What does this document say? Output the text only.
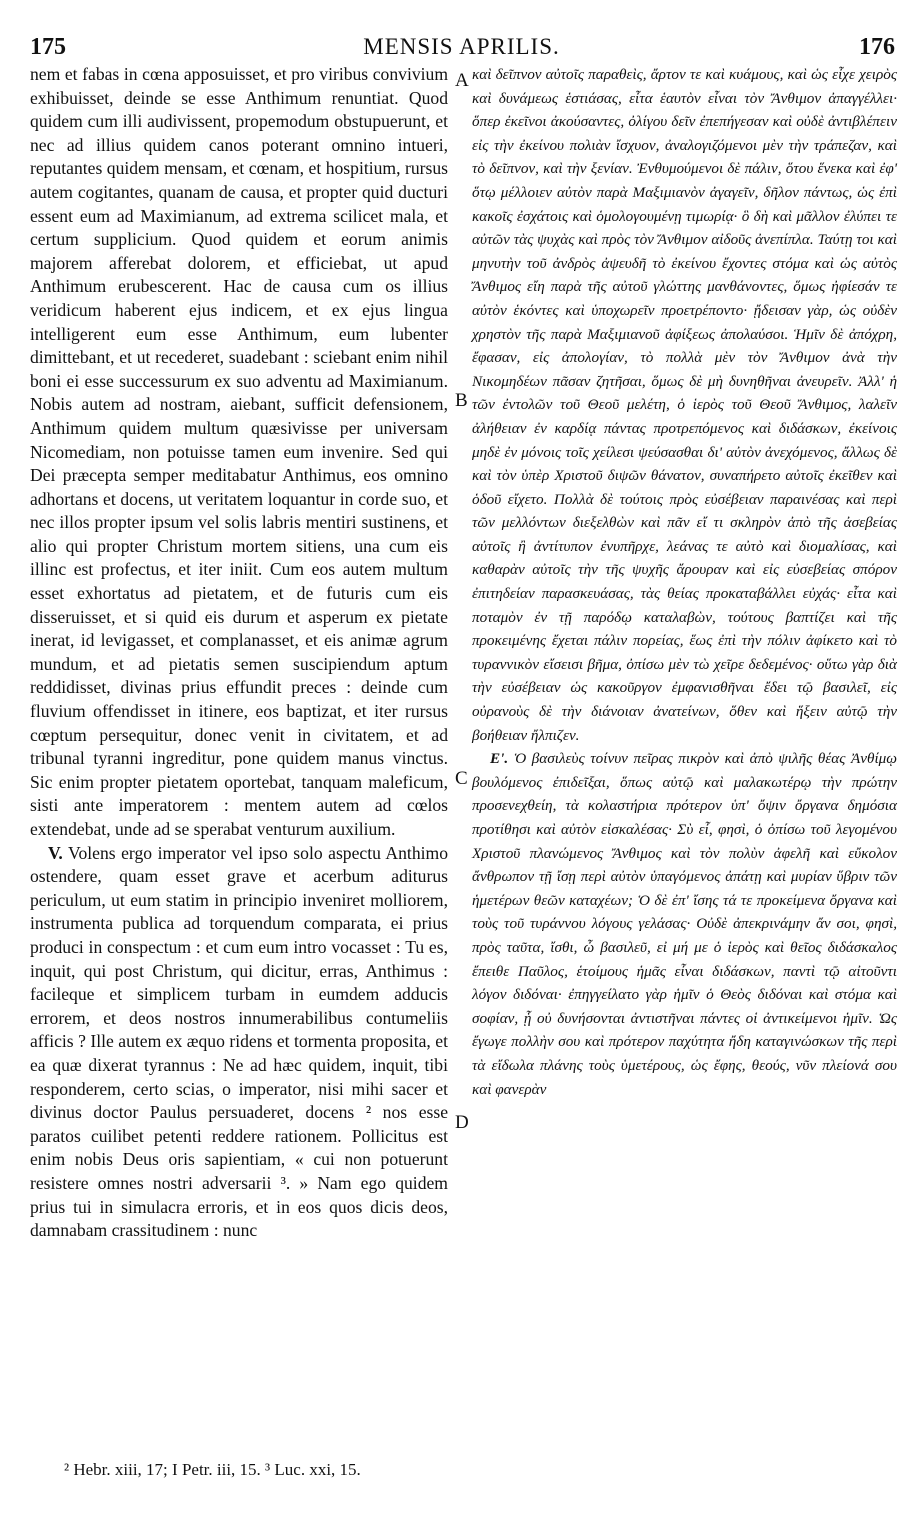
175	MENSIS APRILIS.	176

nem et fabas in cœna apposuisset, et pro viribus convivium exhibuisset, deinde se esse Anthimum renuntiat. Quod quidem cum illi audivissent, propemodum obstupuerunt, et nec ad illius quidem canos poterant omnino intueri, reputantes quidem mensam, et cœnam, et hospitium, rursus autem cogitantes, quanam de causa, et propter quid ducturi essent eum ad Maximianum, ad extrema scilicet mala, et certum supplicium. Quod quidem et eorum animis majorem afferebat dolorem, et efficiebat, ut apud Anthimum erubescerent. Hac de causa cum os illius veridicum haberent ejus indicem, et ex ejus lingua intelligerent eum esse Anthimum, eum lubenter dimittebant, et ut recederet, suadebant : sciebant enim nihil boni ei esse successurum ex suo adventu ad Maximianum. Nobis autem ad nostram, aiebant, sufficit defensionem, Anthimum quidem multum quæsivisse per universam Nicomediam, non potuisse tamen eum invenire. Sed qui Dei præcepta semper meditabatur Anthimus, eos omnino adhortans et docens, ut veritatem loquantur in corde suo, et nec illos propter ipsum vel solis labris mentiri sustinens, et alio qui propter Christum mortem sitiens, una cum eis illinc est profectus, et iter iniit. Cum eos autem multum esset exhortatus ad pietatem, et de futuris cum eis disseruisset, et si quid eis durum et asperum ex pietate inerat, id levigasset, et complanasset, et eis animæ agrum mundum, et ad pietatis semen suscipiendum aptum reddidisset, divinas prius effundit preces : deinde cum fluvium offendisset in itinere, eos baptizat, et iter rursus cœptum persequitur, donec venit in civitatem, et ad tribunal tyranni ingreditur, pone quidem manus vinctus. Sic enim propter pietatem oportebat, tanquam maleficum, sisti ante imperatorem : mentem autem ad cœlos extendebat, unde ad se sperabat venturum auxilium.

V. Volens ergo imperator vel ipso solo aspectu Anthimo ostendere, quam esset grave et acerbum aditurus periculum, ut eum statim in principio inveniret molliorem, instrumenta publica ad torquendum comparata, ei prius produci in conspectum : et cum eum intro vocasset : Tu es, inquit, qui post Christum, qui dicitur, erras, Anthimus : facileque et simplicem turbam in eumdem adducis errorem, et deos nostros innumerabilibus contumeliis afficis ? Ille autem ex æquo ridens et tormenta proposita, et ea quæ dixerat tyrannus : Ne ad hæc quidem, inquit, tibi responderem, certo scias, o imperator, nisi mihi sacer et divinus doctor Paulus persuaderet, docens ² nos esse paratos cuilibet petenti reddere rationem. Pollicitus est enim nobis Deus oris sapientiam, « cui non potuerunt resistere omnes nostri adversarii ³. » Nam ego quidem prius tui in simulacra erroris, et in eos quos dicis deos, damnabam crassitudinem : nunc

A
B
C
D

καὶ δεῖπνον αὐτοῖς παραθεὶς, ἄρτον τε καὶ κυάμους, καὶ ὡς εἶχε χειρὸς καὶ δυνάμεως ἑστιάσας, εἶτα ἑαυτὸν εἶναι τὸν Ἄνθιμον ἀπαγγέλλει· ὅπερ ἐκεῖνοι ἀκούσαντες, ὀλίγου δεῖν ἐπεπήγεσαν καὶ οὐδὲ ἀντιβλέπειν εἰς τὴν ἐκείνου πολιὰν ἴσχυον, ἀναλογιζόμενοι μὲν τὴν τράπεζαν, καὶ τὸ δεῖπνον, καὶ τὴν ξενίαν. Ἐνθυμούμενοι δὲ πάλιν, ὅτου ἕνεκα καὶ ἐφ' ὅτῳ μέλλοιεν αὐτὸν παρὰ Μαξιμιανὸν ἀγαγεῖν, δῆλον πάντως, ὡς ἐπὶ κακοῖς ἐσχάτοις καὶ ὁμολογουμένῃ τιμωρίᾳ· ὃ δὴ καὶ μᾶλλον ἐλύπει τε αὐτῶν τὰς ψυχὰς καὶ πρὸς τὸν Ἄνθιμον αἰδοῦς ἀνεπίπλα. Ταύτῃ τοι καὶ μηνυτὴν τοῦ ἀνδρὸς ἀψευδῆ τὸ ἐκείνου ἔχοντες στόμα καὶ ὡς αὐτὸς Ἄνθιμος εἴη παρὰ τῆς αὐτοῦ γλώττης μανθάνοντες, ὅμως ἠφίεσάν τε αὐτὸν ἑκόντες καὶ ὑποχωρεῖν προετρέποντο· ᾔδεισαν γὰρ, ὡς οὐδὲν χρηστὸν τῆς παρὰ Μαξιμιανοῦ ἀφίξεως ἀπολαύσοι. Ἡμῖν δὲ ἀπόχρη, ἔφασαν, εἰς ἀπολογίαν, τὸ πολλὰ μὲν τὸν Ἄνθιμον ἀνὰ τὴν Νικομηδέων πᾶσαν ζητῆσαι, ὅμως δὲ μὴ δυνηθῆναι ἀνευρεῖν. Ἀλλ' ἡ τῶν ἐντολῶν τοῦ Θεοῦ μελέτη, ὁ ἱερὸς τοῦ Θεοῦ Ἄνθιμος, λαλεῖν ἀλήθειαν ἐν καρδίᾳ πάντας προτρεπόμενος καὶ διδάσκων, ἐκείνοις μηδὲ ἐν μόνοις τοῖς χείλεσι ψεύσασθαι δι' αὐτὸν ἀνεχόμενος, ἄλλως δὲ καὶ τὸν ὑπὲρ Χριστοῦ διψῶν θάνατον, συναπήρετο αὐτοῖς ἐκεῖθεν καὶ ὁδοῦ εἴχετο. Πολλὰ δὲ τούτοις πρὸς εὐσέβειαν παραινέσας καὶ περὶ τῶν μελλόντων διεξελθὼν καὶ πᾶν εἴ τι σκληρὸν ἀπὸ τῆς ἀσεβείας αὐτοῖς ἢ ἀντίτυπον ἐνυπῆρχε, λεάνας τε αὐτὸ καὶ διομαλίσας, καὶ καθαρὰν αὐτοῖς τὴν τῆς ψυχῆς ἄρουραν καὶ εἰς εὐσεβείας σπόρον ἐπιτηδείαν παρασκευάσας, τὰς θείας προκαταβάλλει εὐχάς· εἶτα καὶ ποταμὸν ἐν τῇ παρόδῳ καταλαβὼν, τούτους βαπτίζει καὶ τῆς προκειμένης ἔχεται πάλιν πορείας, ἕως ἐπὶ τὴν πόλιν ἀφίκετο καὶ τὸ τυραννικὸν εἴσεισι βῆμα, ὀπίσω μὲν τὼ χεῖρε δεδεμένος· οὕτω γὰρ διὰ τὴν εὐσέβειαν ὡς κακοῦργον ἐμφανισθῆναι ἔδει τῷ βασιλεῖ, εἰς οὐρανοὺς δὲ τὴν διάνοιαν ἀνατείνων, ὅθεν καὶ ἥξειν αὐτῷ τὴν βοήθειαν ἤλπιζεν.

Ε'. Ὁ βασιλεὺς τοίνυν πεῖρας πικρὸν καὶ ἀπὸ ψιλῆς θέας Ἀνθίμῳ βουλόμενος ἐπιδεῖξαι, ὅπως αὐτῷ καὶ μαλακωτέρῳ τὴν πρώτην προσενεχθείη, τὰ κολαστήρια πρότερον ὑπ' ὄψιν ὄργανα δημόσια προτίθησι καὶ αὐτὸν εἰσκαλέσας· Σὺ εἶ, φησὶ, ὁ ὀπίσω τοῦ λεγομένου Χριστοῦ πλανώμενος Ἄνθιμος καὶ τὸν πολὺν ἀφελῆ καὶ εὔκολον ἄνθρωπον τῇ ἴσῃ περὶ αὐτὸν ὑπαγόμενος ἀπάτῃ καὶ μυρίαν ὕβριν τῶν ἡμετέρων θεῶν καταχέων; Ὁ δὲ ἐπ' ἴσης τά τε προκείμενα ὄργανα καὶ τοὺς τοῦ τυράννου λόγους γελάσας· Οὐδὲ ἀπεκρινάμην ἄν σοι, φησὶ, πρὸς ταῦτα, ἴσθι, ὦ βασιλεῦ, εἰ μή με ὁ ἱερὸς καὶ θεῖος διδάσκαλος ἔπειθε Παῦλος, ἑτοίμους ἡμᾶς εἶναι διδάσκων, παντὶ τῷ αἰτοῦντι λόγον διδόναι· ἐπηγγείλατο γὰρ ἡμῖν ὁ Θεὸς διδόναι καὶ στόμα καὶ σοφίαν, ᾗ οὐ δυνήσονται ἀντιστῆναι πάντες οἱ ἀντικείμενοι ἡμῖν. Ὡς ἔγωγε πολλὴν σου καὶ πρότερον παχύτητα ἤδη καταγινώσκων τῆς περὶ τὰ εἴδωλα πλάνης τοὺς ὑμετέρους, ὡς ἔφης, θεούς, νῦν πλείονά σου καὶ φανερὰν

² Hebr. xiii, 17; I Petr. iii, 15. ³ Luc. xxi, 15.
